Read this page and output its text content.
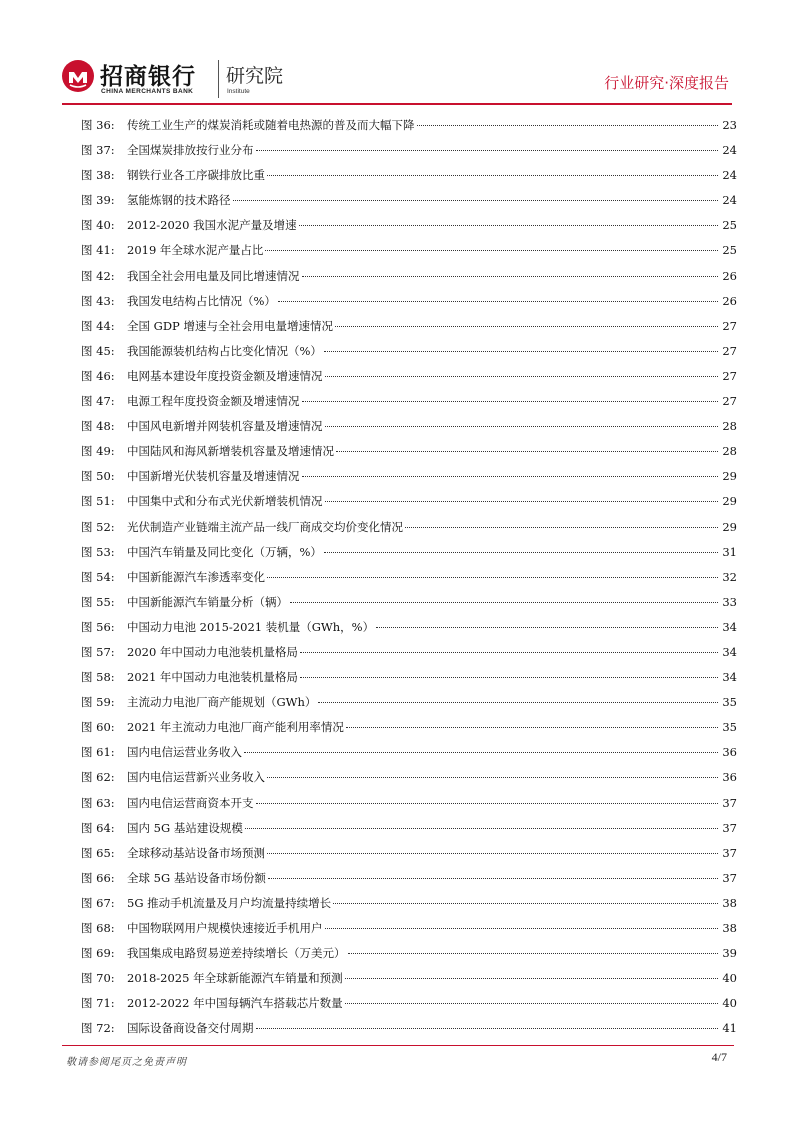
招商银行
CHINA MERCHANTS BANK
研究院
Institute	行业研究·深度报告
图 36:	传统工业生产的煤炭消耗或随着电热源的普及而大幅下降	23
图 37:	全国煤炭排放按行业分布	24
图 38:	钢铁行业各工序碳排放比重	24
图 39:	氢能炼钢的技术路径	24
图 40:	2012-2020 我国水泥产量及增速	25
图 41:	2019 年全球水泥产量占比	25
图 42:	我国全社会用电量及同比增速情况	26
图 43:	我国发电结构占比情况（%）	26
图 44:	全国 GDP 增速与全社会用电量增速情况	27
图 45:	我国能源装机结构占比变化情况（%）	27
图 46:	电网基本建设年度投资金额及增速情况	27
图 47:	电源工程年度投资金额及增速情况	27
图 48:	中国风电新增并网装机容量及增速情况	28
图 49:	中国陆风和海风新增装机容量及增速情况	28
图 50:	中国新增光伏装机容量及增速情况	29
图 51:	中国集中式和分布式光伏新增装机情况	29
图 52:	光伏制造产业链端主流产品一线厂商成交均价变化情况	29
图 53:	中国汽车销量及同比变化（万辆，%）	31
图 54:	中国新能源汽车渗透率变化	32
图 55:	中国新能源汽车销量分析（辆）	33
图 56:	中国动力电池 2015-2021 装机量（GWh，%）	34
图 57:	2020 年中国动力电池装机量格局	34
图 58:	2021 年中国动力电池装机量格局	34
图 59:	主流动力电池厂商产能规划（GWh）	35
图 60:	2021 年主流动力电池厂商产能利用率情况	35
图 61:	国内电信运营业务收入	36
图 62:	国内电信运营新兴业务收入	36
图 63:	国内电信运营商资本开支	37
图 64:	国内 5G 基站建设规模	37
图 65:	全球移动基站设备市场预测	37
图 66:	全球 5G 基站设备市场份额	37
图 67:	5G 推动手机流量及月户均流量持续增长	38
图 68:	中国物联网用户规模快速接近手机用户	38
图 69:	我国集成电路贸易逆差持续增长（万美元）	39
图 70:	2018-2025 年全球新能源汽车销量和预测	40
图 71:	2012-2022 年中国每辆汽车搭载芯片数量	40
图 72:	国际设备商设备交付周期	41
敬请参阅尾页之免责声明	4/7
